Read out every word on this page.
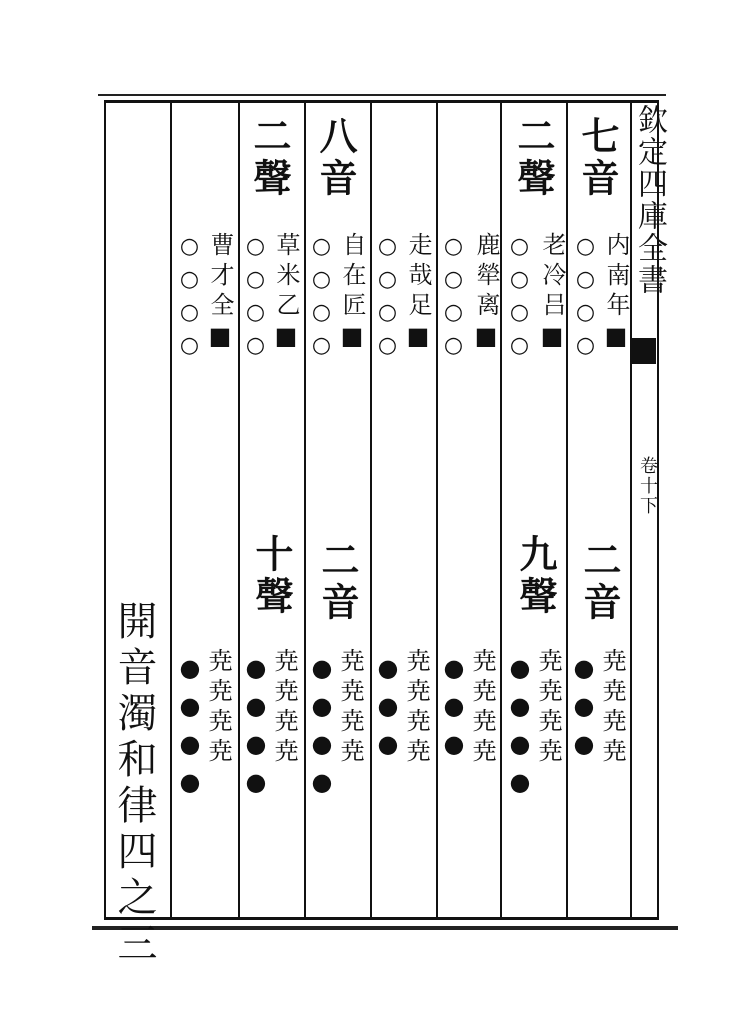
欽定四庫全書
卷十下
開音濁和律四之三
七音
内南年■
○○○○
二音
●●● 尭尭尭尭
二聲
老冷吕■
○○○○
九聲
●●●● 尭尭尭尭
鹿犖离■
○○○○
●●● 尭尭尭尭
走哉足■
○○○○
●●● 尭尭尭尭
八音
自在匠■
○○○○
二音
●●●● 尭尭尭尭
二聲
草米乙■
○○○○
十聲
●●●● 尭尭尭尭
曹才全■
○○○○
●●●● 尭尭尭尭
